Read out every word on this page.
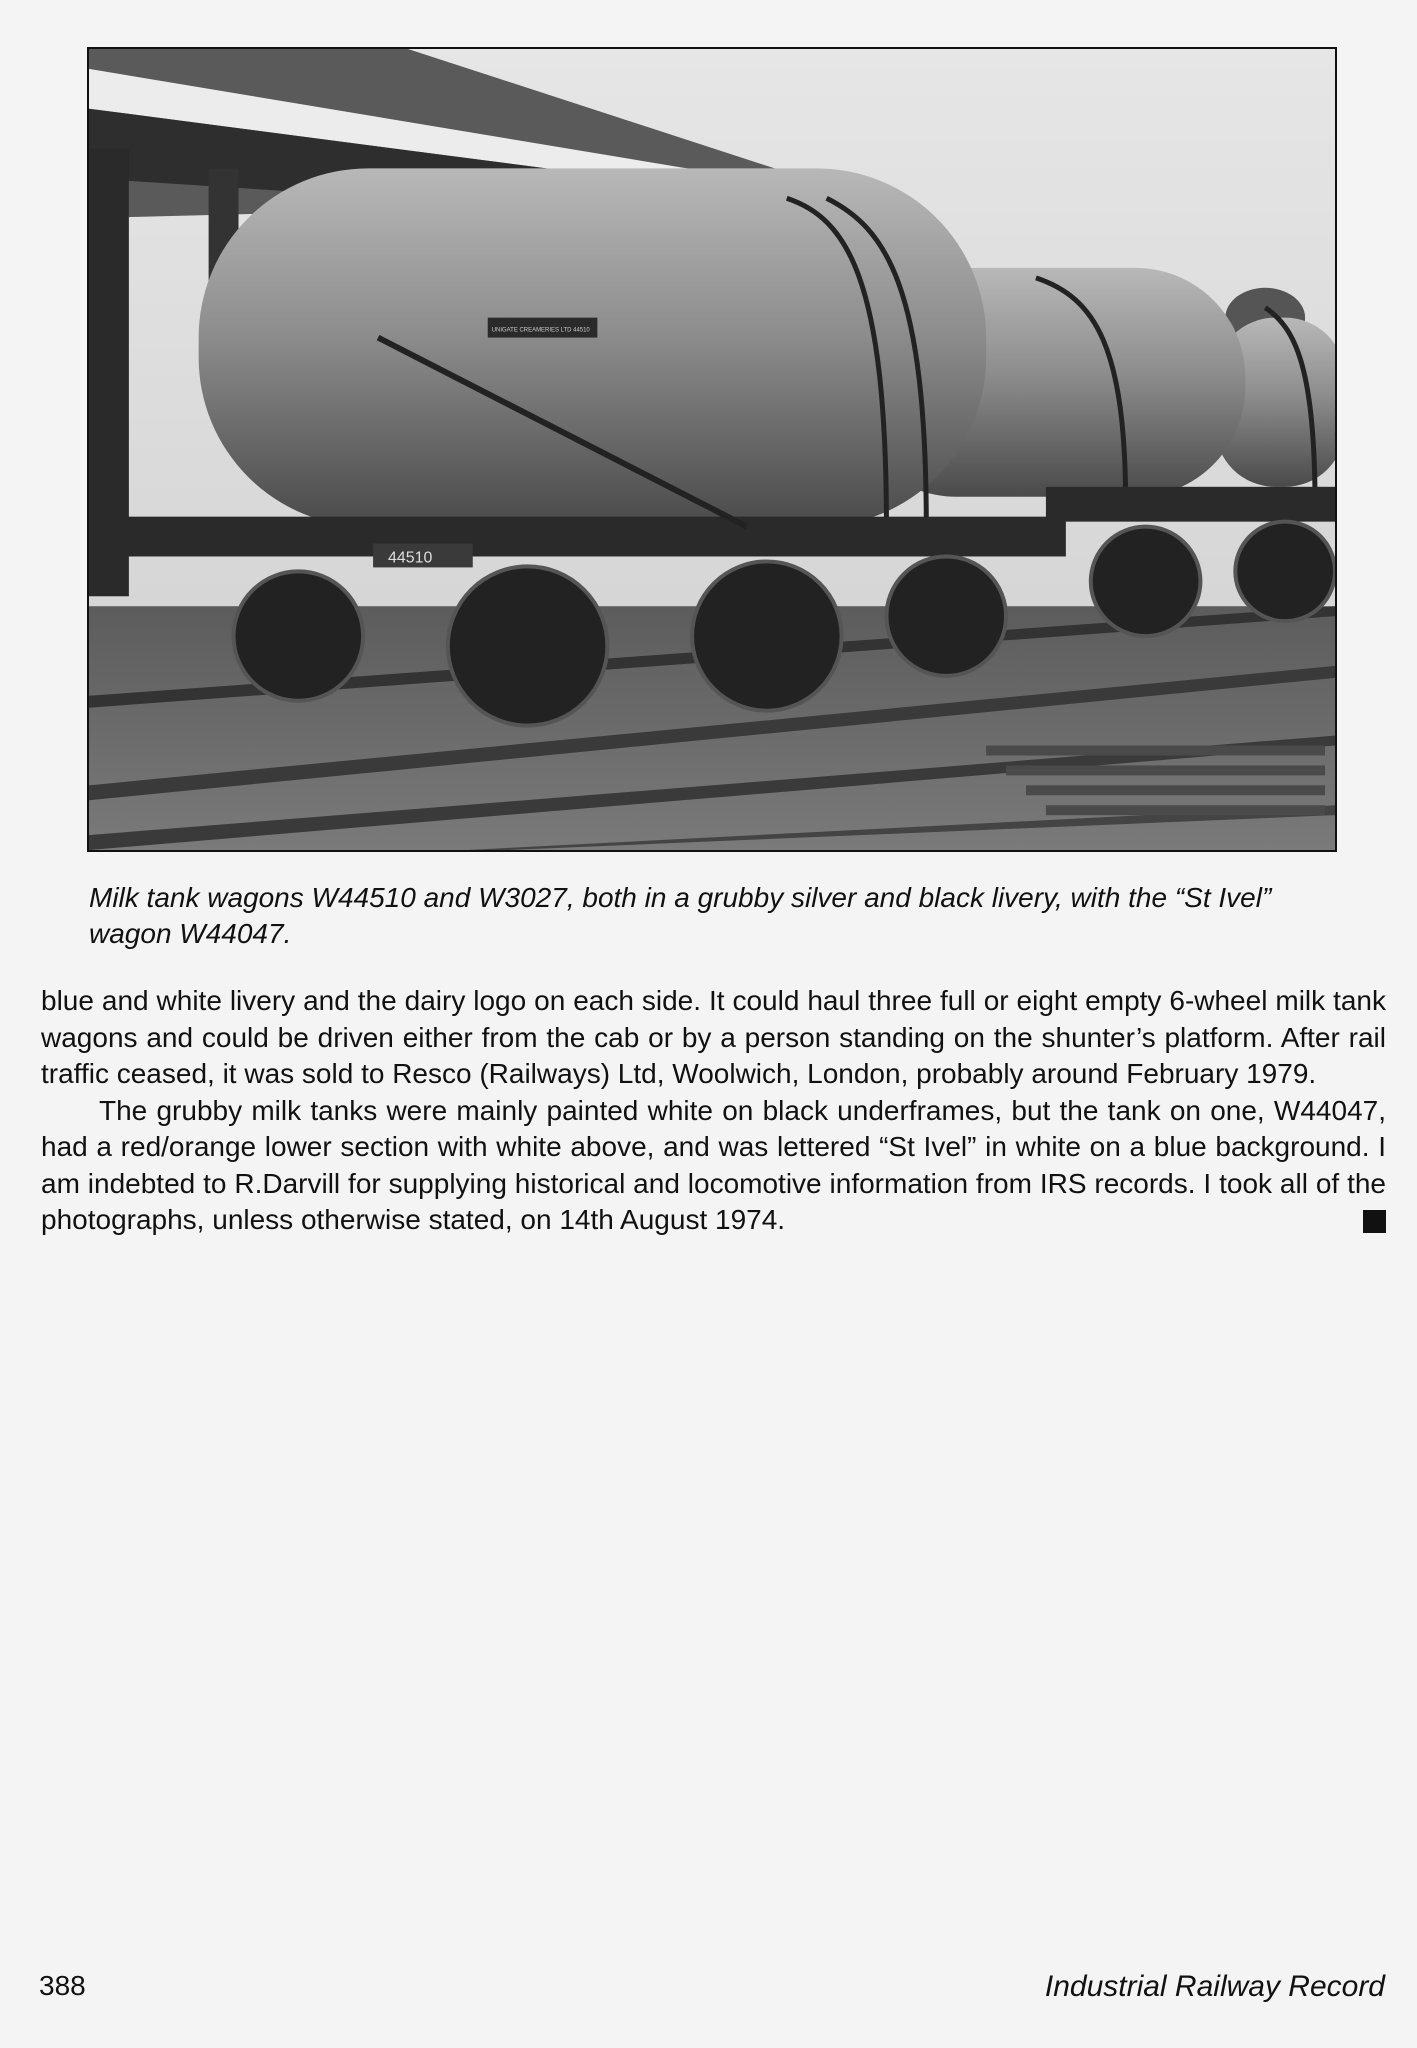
44510
UNIGATE CREAMERIES LTD 44510

Milk tank wagons W44510 and W3027, both in a grubby silver and black livery, with the “St Ivel” wagon W44047.

blue and white livery and the dairy logo on each side. It could haul three full or eight empty 6-wheel milk tank wagons and could be driven either from the cab or by a person standing on the shunter’s platform. After rail traffic ceased, it was sold to Resco (Railways) Ltd, Woolwich, London, probably around February 1979.

The grubby milk tanks were mainly painted white on black underframes, but the tank on one, W44047, had a red/orange lower section with white above, and was lettered “St Ivel” in white on a blue background. I am indebted to R.Darvill for supplying historical and locomotive information from IRS records. I took all of the photographs, unless otherwise stated, on 14th August 1974.

388	Industrial Railway Record
